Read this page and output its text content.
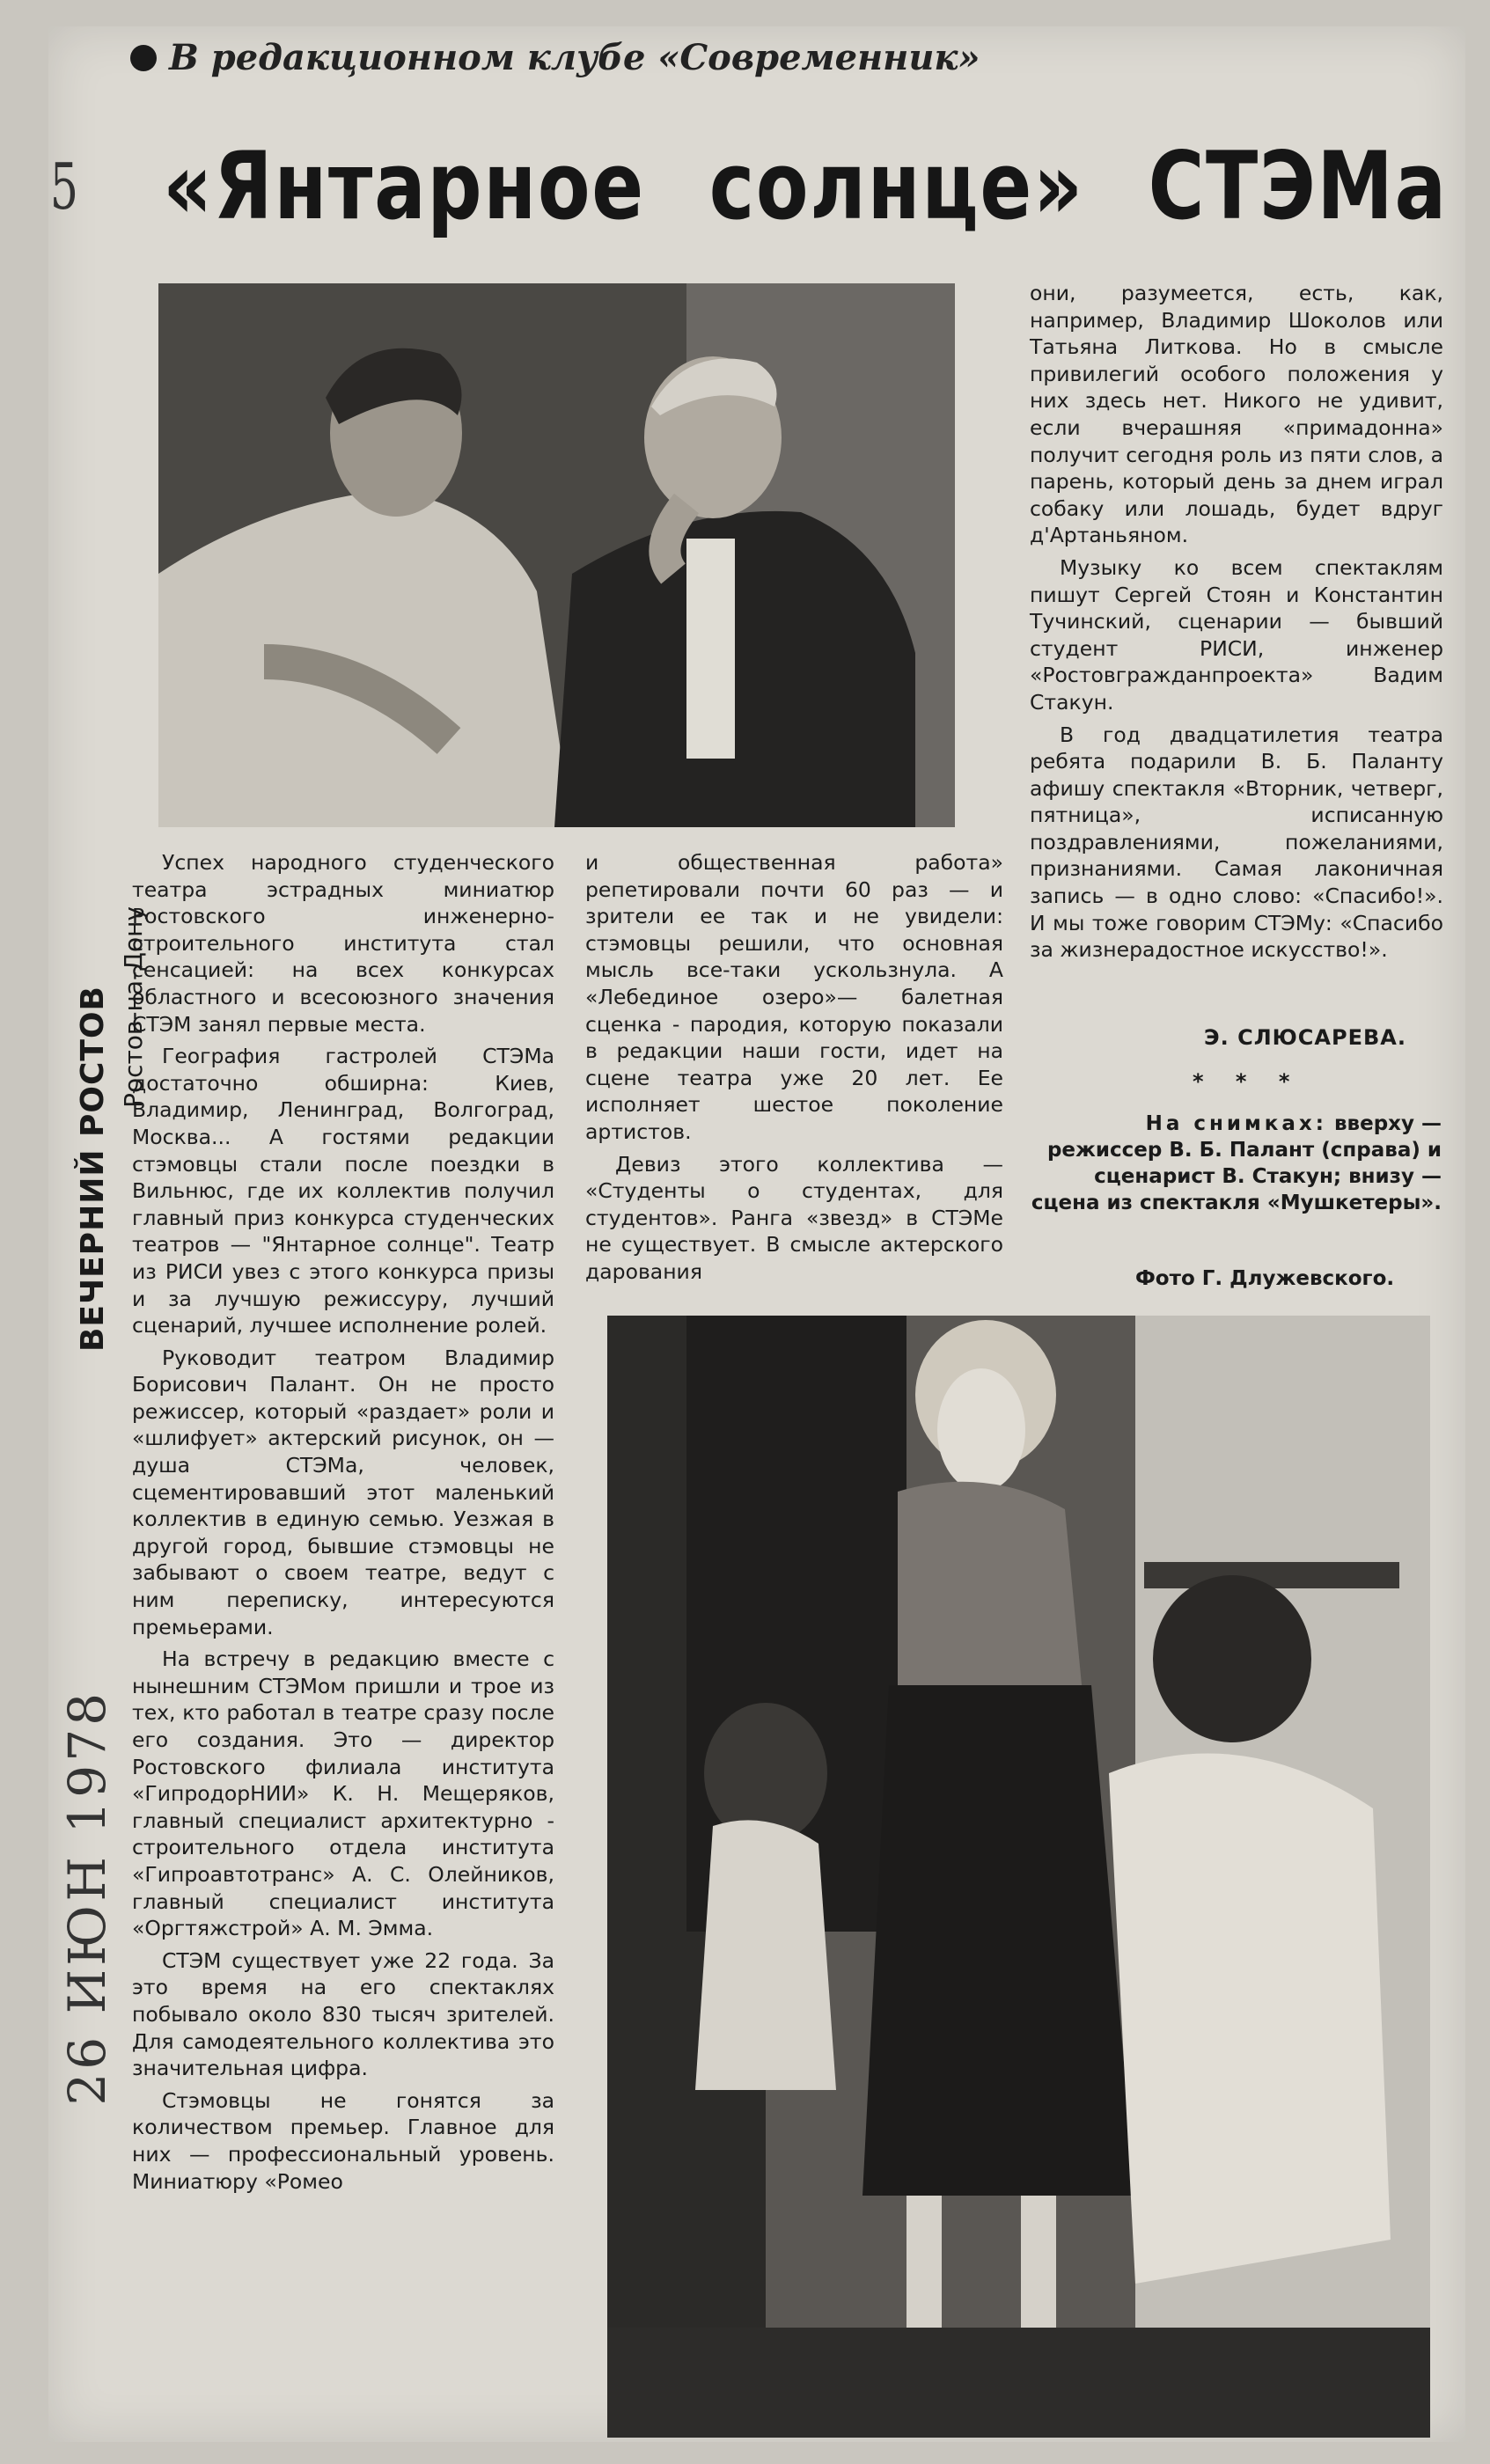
В редакционном клубе «Современник»
5 «Янтарное солнце» СТЭМа
ВЕЧЕРНИЙ РОСТОВ Ростов-на-Дону
26 ИЮН 1978

Успех народного студенческого театра эстрадных миниатюр Ростовского инженерно-строительного института стал сенсацией: на всех конкурсах областного и всесоюзного значения СТЭМ занял первые места.

География гастролей СТЭМа достаточно обширна: Киев, Владимир, Ленинград, Волгоград, Москва... А гостями редакции стэмовцы стали после поездки в Вильнюс, где их коллектив получил главный приз конкурса студенческих театров — "Янтарное солнце". Театр из РИСИ увез с этого конкурса призы и за лучшую режиссуру, лучший сценарий, лучшее исполнение ролей.

Руководит театром Владимир Борисович Палант. Он не просто режиссер, который «раздает» роли и «шлифует» актерский рисунок, он — душа СТЭМа, человек, сцементировавший этот маленький коллектив в единую семью. Уезжая в другой город, бывшие стэмовцы не забывают о своем театре, ведут с ним переписку, интересуются премьерами.

На встречу в редакцию вместе с нынешним СТЭМом пришли и трое из тех, кто работал в театре сразу после его создания. Это — директор Ростовского филиала института «ГипродорНИИ» К. Н. Мещеряков, главный специалист архитектурно - строительного отдела института «Гипроавтотранс» А. С. Олейников, главный специалист института «Оргтяжстрой» А. М. Эмма.

СТЭМ существует уже 22 года. За это время на его спектаклях побывало около 830 тысяч зрителей. Для самодеятельного коллектива это значительная цифра.

Стэмовцы не гонятся за количеством премьер. Главное для них — профессиональный уровень. Миниатюру «Ромео

и общественная работа» репетировали почти 60 раз — и зрители ее так и не увидели: стэмовцы решили, что основная мысль все-таки ускользнула. А «Лебединое озеро»— балетная сценка - пародия, которую показали в редакции наши гости, идет на сцене театра уже 20 лет. Ее исполняет шестое поколение артистов.

Девиз этого коллектива — «Студенты о студентах, для студентов». Ранга «звезд» в СТЭМе не существует. В смысле актерского дарования

они, разумеется, есть, как, например, Владимир Шоколов или Татьяна Литкова. Но в смысле привилегий особого положения у них здесь нет. Никого не удивит, если вчерашняя «примадонна» получит сегодня роль из пяти слов, а парень, который день за днем играл собаку или лошадь, будет вдруг д'Артаньяном.

Музыку ко всем спектаклям пишут Сергей Стоян и Константин Тучинский, сценарии — бывший студент РИСИ, инженер «Ростовгражданпроекта» Вадим Стакун.

В год двадцатилетия театра ребята подарили В. Б. Паланту афишу спектакля «Вторник, четверг, пятница», исписанную поздравлениями, пожеланиями, признаниями. Самая лаконичная запись — в одно слово: «Спасибо!». И мы тоже говорим СТЭМу: «Спасибо за жизнерадостное искусство!».

Э. СЛЮСАРЕВА.
* * *
На снимках: вверху — режиссер В. Б. Палант (справа) и сценарист В. Стакун; внизу — сцена из спектакля «Мушкетеры».
Фото Г. Длужевского.
